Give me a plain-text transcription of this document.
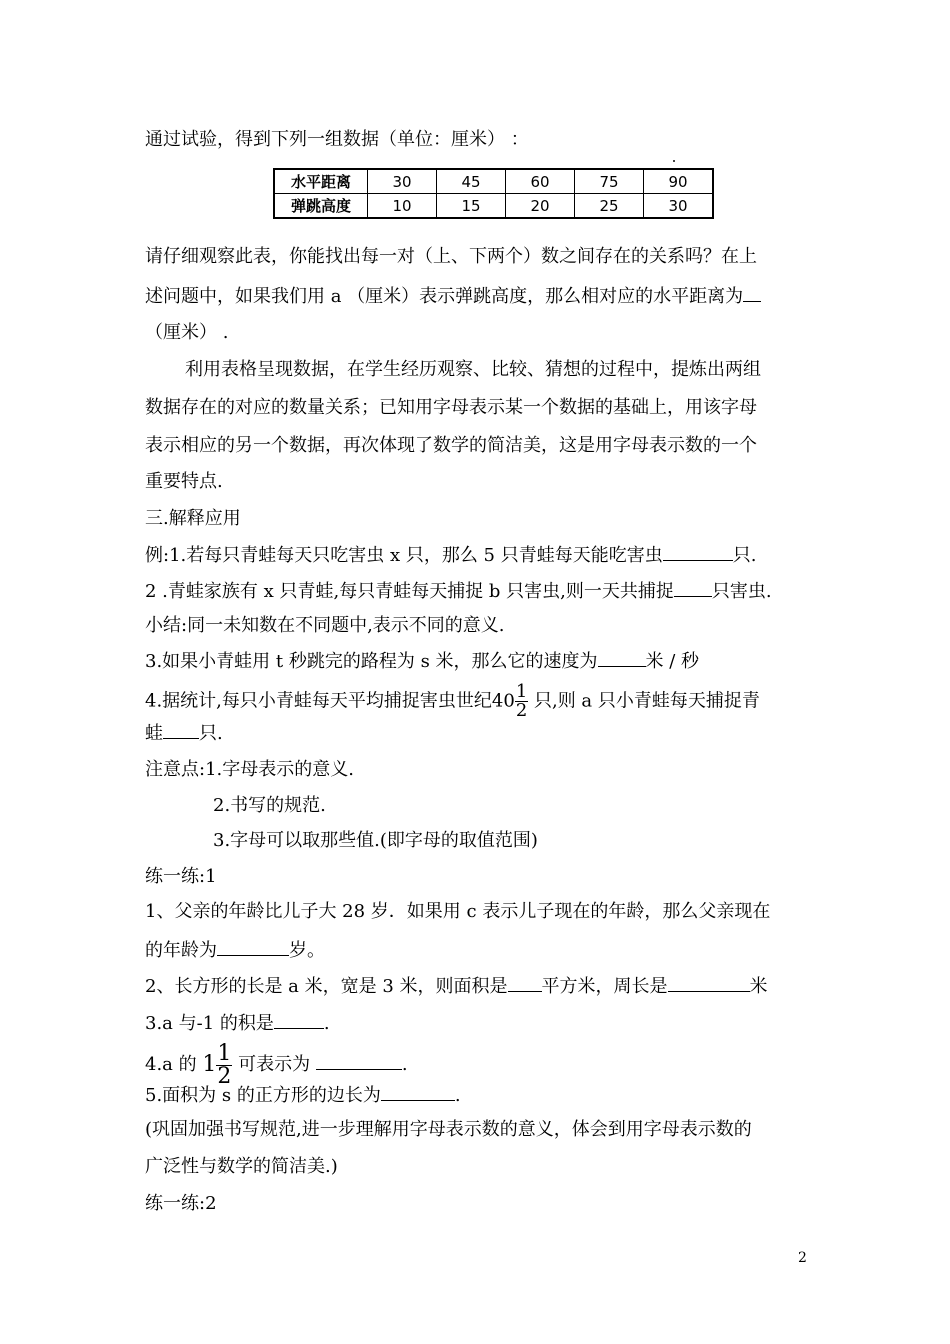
通过试验，得到下列一组数据（单位：厘米） ：
水平距离	30	45	60	75	90
弹跳高度	10	15	20	25	30
请仔细观察此表，你能找出每一对（上、下两个）数之间存在的关系吗？在上
述问题中，如果我们用 a （厘米）表示弹跳高度，那么相对应的水平距离为
（厘米） .
利用表格呈现数据，在学生经历观察、比较、猜想的过程中，提炼出两组
数据存在的对应的数量关系；已知用字母表示某一个数据的基础上，用该字母
表示相应的另一个数据，再次体现了数学的简洁美，这是用字母表示数的一个
重要特点.
三.解释应用
例:1.若每只青蛙每天只吃害虫 x 只，那么 5 只青蛙每天能吃害虫	只.
2 .青蛙家族有 x 只青蛙,每只青蛙每天捕捉 b 只害虫,则一天共捕捉 只害虫.
小结:同一未知数在不同题中,表示不同的意义.
3.如果小青蛙用 t 秒跳完的路程为 s 米，那么它的速度为	米 / 秒
4.据统计,每只小青蛙每天平均捕捉害虫世纪$40 \frac{1}{2}$ 只,则 a 只小青蛙每天捕捉青
蛙 只.
注意点:1.字母表示的意义.
2.书写的规范.
3.字母可以取那些值.(即字母的取值范围)
练一练:1
1、父亲的年龄比儿子大 28 岁．如果用 c 表示儿子现在的年龄，那么父亲现在
的年龄为	岁。
2、长方形的长是 a 米，宽是 3 米，则面积是 平方米，周长是	米
3.a 与-1 的积是	.
4.a 的 $1 \frac{1}{2}$ 可表示为	.
5.面积为 s 的正方形的边长为	.
(巩固加强书写规范,进一步理解用字母表示数的意义，体会到用字母表示数的
广泛性与数学的简洁美.)
练一练:2
2
